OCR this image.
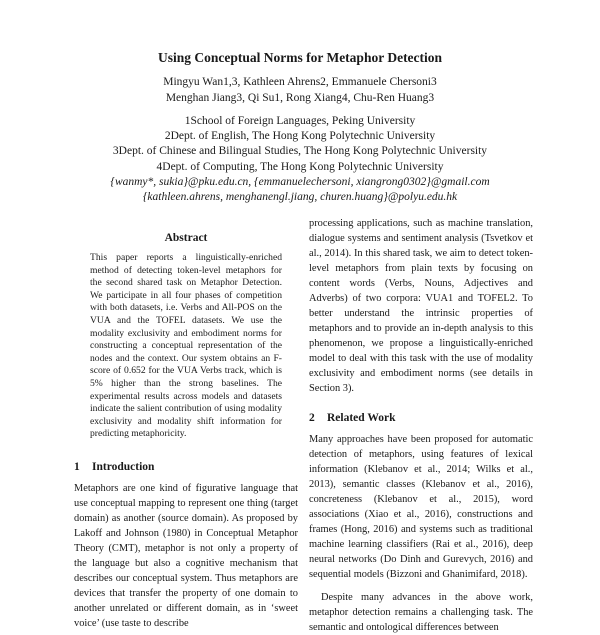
Using Conceptual Norms for Metaphor Detection
Mingyu Wan1,3, Kathleen Ahrens2, Emmanuele Chersoni3
Menghan Jiang3, Qi Su1, Rong Xiang4, Chu-Ren Huang3
1School of Foreign Languages, Peking University
2Dept. of English, The Hong Kong Polytechnic University
3Dept. of Chinese and Bilingual Studies, The Hong Kong Polytechnic University
4Dept. of Computing, The Hong Kong Polytechnic University
{wanmy*, sukia}@pku.edu.cn, {emmanuelechersoni, xiangrong0302}@gmail.com
{kathleen.ahrens, menghanengl.jiang, churen.huang}@polyu.edu.hk
Abstract

This paper reports a linguistically-enriched method of detecting token-level metaphors for the second shared task on Metaphor Detection. We participate in all four phases of competition with both datasets, i.e. Verbs and All-POS on the VUA and the TOFEL datasets. We use the modality exclusivity and embodiment norms for constructing a conceptual representation of the nodes and the context. Our system obtains an F-score of 0.652 for the VUA Verbs track, which is 5% higher than the strong baselines. The experimental results across models and datasets indicate the salient contribution of using modality exclusivity and modality shift information for predicting metaphoricity.

1 Introduction

Metaphors are one kind of figurative language that use conceptual mapping to represent one thing (target domain) as another (source domain). As proposed by Lakoff and Johnson (1980) in Conceptual Metaphor Theory (CMT), metaphor is not only a property of the language but also a cognitive mechanism that describes our conceptual system. Thus metaphors are devices that transfer the property of one domain to another unrelated or different domain, as in ‘sweet voice’ (use taste to describe

processing applications, such as machine translation, dialogue systems and sentiment analysis (Tsvetkov et al., 2014). In this shared task, we aim to detect token-level metaphors from plain texts by focusing on content words (Verbs, Nouns, Adjectives and Adverbs) of two corpora: VUA1 and TOFEL2. To better understand the intrinsic properties of metaphors and to provide an in-depth analysis to this phenomenon, we propose a linguistically-enriched model to deal with this task with the use of modality exclusivity and embodiment norms (see details in Section 3).

2 Related Work

Many approaches have been proposed for automatic detection of metaphors, using features of lexical information (Klebanov et al., 2014; Wilks et al., 2013), semantic classes (Klebanov et al., 2016), concreteness (Klebanov et al., 2015), word associations (Xiao et al., 2016), constructions and frames (Hong, 2016) and systems such as traditional machine learning classifiers (Rai et al., 2016), deep neural networks (Do Dinh and Gurevych, 2016) and sequential models (Bizzoni and Ghanimifard, 2018).

Despite many advances in the above work, metaphor detection remains a challenging task. The semantic and ontological differences between
